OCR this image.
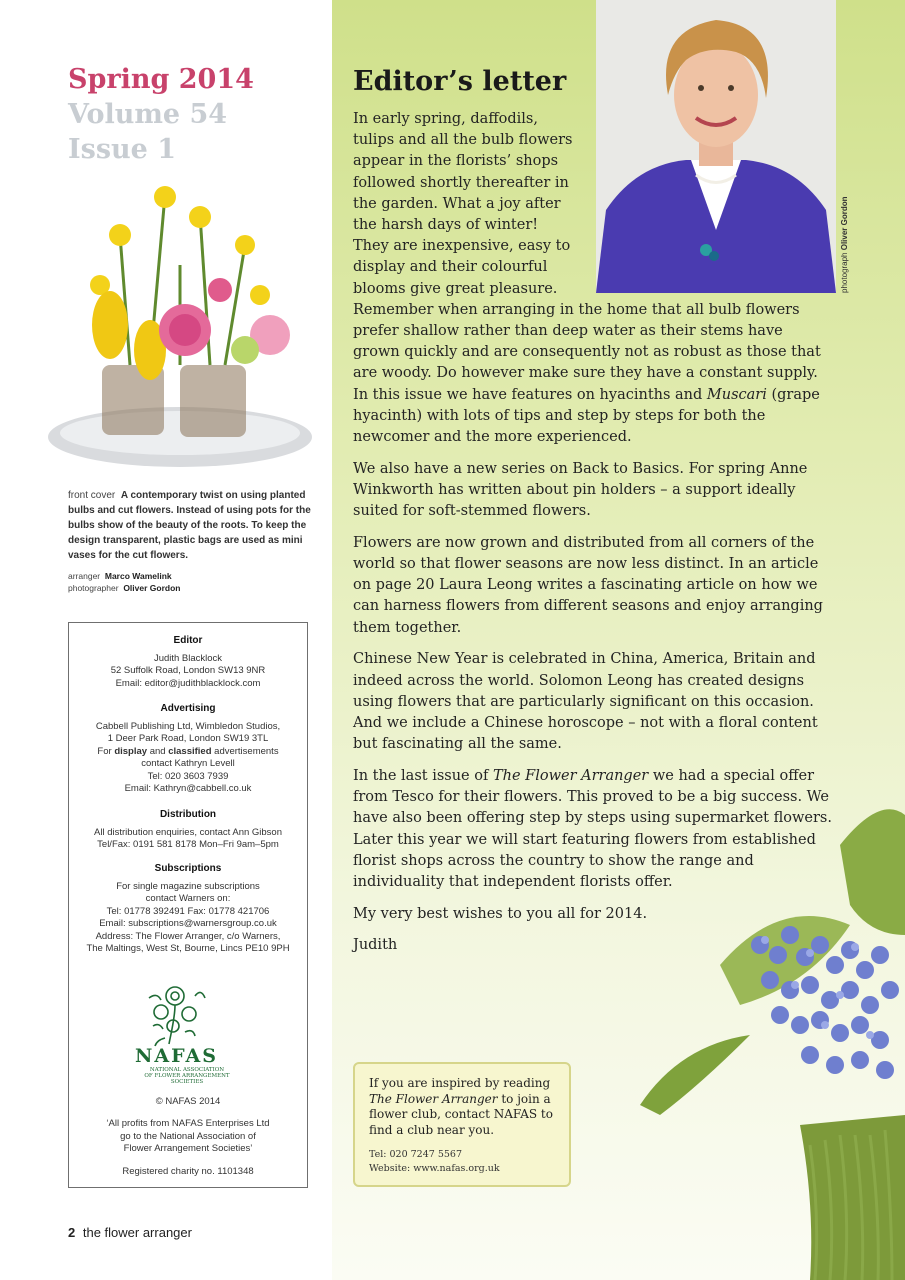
Spring 2014
Volume 54
Issue 1
front cover A contemporary twist on using planted bulbs and cut flowers. Instead of using pots for the bulbs show of the beauty of the roots. To keep the design transparent, plastic bags are used as mini vases for the cut flowers.
arranger Marco Wamelink
photographer Oliver Gordon
Editor

Judith Blacklock
52 Suffolk Road, London SW13 9NR
Email: editor@judithblacklock.com

Advertising

Cabbell Publishing Ltd, Wimbledon Studios,
1 Deer Park Road, London SW19 3TL

For display and classified advertisements

contact Kathryn Levell
Tel: 020 3603 7939
Email: Kathryn@cabbell.co.uk

Distribution

All distribution enquiries, contact Ann Gibson
Tel/Fax: 0191 581 8178 Mon–Fri 9am–5pm

Subscriptions

For single magazine subscriptions
contact Warners on:
Tel: 01778 392491 Fax: 01778 421706
Email: subscriptions@warnersgroup.co.uk
Address: The Flower Arranger, c/o Warners,
The Maltings, West St, Bourne, Lincs PE10 9PH

NAFAS
NATIONAL ASSOCIATION
OF FLOWER ARRANGEMENT
SOCIETIES
© NAFAS 2014
‘All profits from NAFAS Enterprises Ltd
go to the National Association of
Flower Arrangement Societies’
Registered charity no. 1101348
2 the flower arranger
photograph Oliver Gordon
Editor’s letter

In early spring, daffodils, tulips and all the bulb flowers appear in the florists’ shops followed shortly thereafter in the garden. What a joy after the harsh days of winter! They are inexpensive, easy to display and their colourful blooms give great pleasure.

Remember when arranging in the home that all bulb flowers prefer shallow rather than deep water as their stems have grown quickly and are consequently not as robust as those that are woody. Do however make sure they have a constant supply.

In this issue we have features on hyacinths and Muscari (grape hyacinth) with lots of tips and step by steps for both the newcomer and the more experienced.

We also have a new series on Back to Basics. For spring Anne Winkworth has written about pin holders – a support ideally suited for soft-stemmed flowers.

Flowers are now grown and distributed from all corners of the world so that flower seasons are now less distinct. In an article on page 20 Laura Leong writes a fascinating article on how we can harness flowers from different seasons and enjoy arranging them together.

Chinese New Year is celebrated in China, America, Britain and indeed across the world. Solomon Leong has created designs using flowers that are particularly significant on this occasion. And we include a Chinese horoscope – not with a floral content but fascinating all the same.

In the last issue of The Flower Arranger we had a special offer from Tesco for their flowers. This proved to be a big success. We have also been offering step by steps using supermarket flowers. Later this year we will start featuring flowers from established florist shops across the country to show the range and individuality that independent florists offer.

My very best wishes to you all for 2014.

Judith

If you are inspired by reading The Flower Arranger to join a flower club, contact NAFAS to find a club near you.

Tel: 020 7247 5567

Website: www.nafas.org.uk
